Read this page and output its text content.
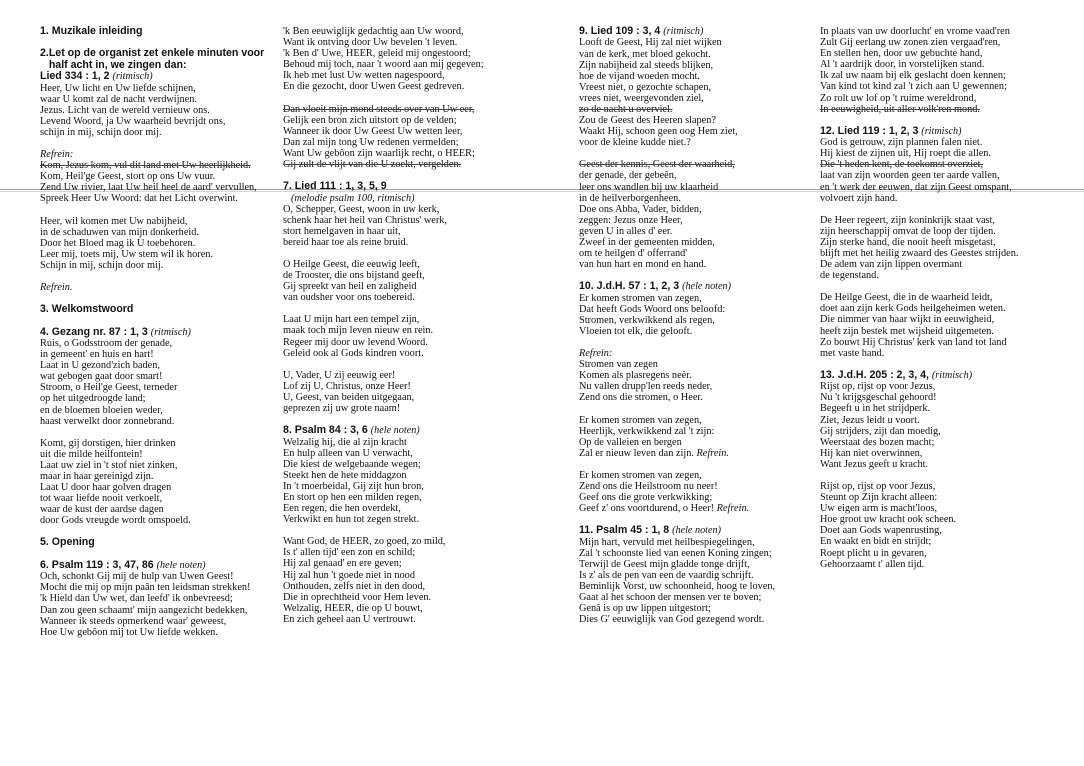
1. Muzikale inleiding
2.Let op de organist zet enkele minuten voor
half acht in, we zingen dan:
Lied 334 : 1, 2 (ritmisch)
Heer, Uw licht en Uw liefde schijnen,
waar U komt zal de nacht verdwijnen.
Jezus. Licht van de wereld vernieuw ons.
Levend Woord, ja Uw waarheid bevrijdt ons,
schijn in mij, schijn door mij.
Refrein:
Kom, Jezus kom, vul dit land met Uw heerlijkheid.
Kom, Heil'ge Geest, stort op ons Uw vuur.
Zend Uw rivier, laat Uw heil heel de aard' vervullen,
Spreek Heer Uw Woord: dat het Licht overwint.
Heer, wil komen met Uw nabijheid,
in de schaduwen van mijn donkerheid.
Door het Bloed mag ik U toebehoren.
Leer mij, toets mij, Uw stem wil ik horen.
Schijn in mij, schijn door mij.
Refrein.
3. Welkomstwoord
4. Gezang nr. 87 : 1, 3 (ritmisch)
Ruis, o Godsstroom der genade,
in gemeent' en huis en hart!
Laat in U gezond'zich baden,
wat gebogen gaat door smart!
Stroom, o Heil'ge Geest, terneder
op het uitgedroogde land;
en de bloemen bloeien weder,
haast verwelkt door zonnebrand.
Komt, gij dorstigen, hier drinken
uit die milde heilfontein!
Laat uw ziel in 't stof niet zinken,
maar in haar gereinigd zijn.
Laat U door haar golven dragen
tot waar liefde nooit verkoelt,
waar de kust der aardse dagen
door Gods vreugde wordt omspoeld.
5. Opening
6. Psalm 119 : 3, 47, 86 (hele noten)
Och, schonkt Gij mij de hulp van Uwen Geest!
Mocht die mij op mijn paân ten leidsman strekken!
'k Hield dan Uw wet, dan leefd' ik onbevreesd;
Dan zou geen schaamt' mijn aangezicht bedekken,
Wanneer ik steeds opmerkend waar' geweest,
Hoe Uw gebôon mij tot Uw liefde wekken.
'k Ben eeuwiglijk gedachtig aan Uw woord,
Want ik ontving door Uw bevelen 't leven.
'k Ben d' Uwe, HEER, geleid mij ongestoord;
Behoud mij toch, naar 't woord aan mij gegeven;
Ik heb met lust Uw wetten nagespoord,
En die gezocht, door Uwen Geest gedreven.
Dan vloeit mijn mond steeds over van Uw eer,
Gelijk een bron zich uitstort op de velden;
Wanneer ik door Uw Geest Uw wetten leer,
Dan zal mijn tong Uw redenen vermelden;
Want Uw gebôon zijn waarlijk recht, o HEER;
Gij zult de vlijt van die U zoekt, vergelden.
7. Lied 111 : 1, 3, 5, 9
(melodie psalm 100, ritmisch)
O, Schepper, Geest, woon in uw kerk,
schenk haar het heil van Christus' werk,
stort hemelgaven in haar uit,
bereid haar toe als reine bruid.
O Heilge Geest, die eeuwig leeft,
de Trooster, die ons bijstand geeft,
Gij spreekt van heil en zaligheid
van oudsher voor ons toebereid.
Laat U mijn hart een tempel zijn,
maak toch mijn leven nieuw en rein.
Regeer mij door uw levend Woord.
Geleid ook al Gods kindren voort.
U, Vader, U zij eeuwig eer!
Lof zij U, Christus, onze Heer!
U, Geest, van beiden uitgegaan,
geprezen zij uw grote naam!
8. Psalm 84 : 3, 6 (hele noten)
Welzalig hij, die al zijn kracht
En hulp alleen van U verwacht,
Die kiest de welgebaande wegen;
Steekt hen de hete middagzon
In 't moerbeidal, Gij zijt hun bron,
En stort op hen een milden regen,
Een regen, die hen overdekt,
Verkwikt en hun tot zegen strekt.
Want God, de HEER, zo goed, zo mild,
Is t' allen tijd' een zon en schild;
Hij zal genaad' en ere geven;
Hij zal hun 't goede niet in nood
Onthouden, zelfs niet in den dood,
Die in oprechtheid voor Hem leven.
Welzalig, HEER, die op U bouwt,
En zich geheel aan U vertrouwt.
9. Lied 109 : 3, 4 (ritmisch)
Looft de Geest, Hij zal niet wijken
van de kerk, met bloed gekocht.
Zijn nabijheid zal steeds blijken,
hoe de vijand woeden mocht.
Vreest niet, o gezochte schapen,
vrees niet, weergevonden ziel,
zo de nacht u overviel.
Zou de Geest des Heeren slapen?
Waakt Hij, schoon geen oog Hem ziet,
voor de kleine kudde niet.?
Geest der kennis, Geest der waarheid,
der genade, der gebeên,
leer ons wandlen bij uw klaarheid
in de heilverborgenheen.
Doe ons Abba, Vader, bidden,
zeggen: Jezus onze Heer,
geven U in alles d' eer.
Zweef in der gemeenten midden,
om te heilgen d' offerrand'
van hun hart en mond en hand.
10. J.d.H. 57 : 1, 2, 3 (hele noten)
Er komen stromen van zegen,
Dat heeft Gods Woord ons beloofd:
Stromen, verkwikkend als regen,
Vloeien tot elk, die gelooft.
Refrein:
Stromen van zegen
Komen als plasregens neêr.
Nu vallen drupp'len reeds neder,
Zend ons die stromen, o Heer.
Er komen stromen van zegen,
Heerlijk, verkwikkend zal 't zijn:
Op de valleien en bergen
Zal er nieuw leven dan zijn. Refrein.
Er komen stromen van zegen,
Zend ons die Heilstroom nu neer!
Geef ons die grote verkwikking;
Geef z' ons voortdurend, o Heer! Refrein.
11. Psalm 45 : 1, 8 (hele noten)
Mijn hart, vervuld met heilbespiegelingen,
Zal 't schoonste lied van eenen Koning zingen;
Terwijl de Geest mijn gladde tonge drijft,
Is z' als de pen van een de vaardig schrijft.
Beminlijk Vorst, uw schoonheid, hoog te loven,
Gaat al het schoon der mensen ver te boven;
Genâ is op uw lippen uitgestort;
Dies G' eeuwiglijk van God gezegend wordt.
In plaats van uw doorlucht' en vrome vaad'ren
Zult Gij eerlang uw zonen zien vergaad'ren,
En stellen hen, door uw gebuchte hand,
Al 't aardrijk door, in vorstelijken stand.
Ik zal uw naam bij elk geslacht doen kennen;
Van kind tot kind zal 't zich aan U gewennen;
Zo rolt uw lof op 't ruime wereldrond,
In eeuwigheid, uit aller volk'ren mond.
12. Lied 119 : 1, 2, 3 (ritmisch)
God is getrouw, zijn plannen falen niet.
Hij kiest de zijnen uit, Hij roept die allen.
Die 't heden kent, de toekomst overziet,
laat van zijn woorden geen ter aarde vallen,
en 't werk der eeuwen, dat zijn Geest omspant,
volvoert zijn hand.
De Heer regeert, zijn koninkrijk staat vast,
zijn heerschappij omvat de loop der tijden.
Zijn sterke hand, die nooit heeft misgetast,
blijft met het heilig zwaard des Geestes strijden.
De adem van zijn lippen overmant
de tegenstand.
De Heilge Geest, die in de waarheid leidt,
doet aan zijn kerk Gods heilgeheimen weten.
Die nimmer van haar wijkt in eeuwigheid,
heeft zijn bestek met wijsheid uitgemeten.
Zo bouwt Hij Christus' kerk van land tot land
met vaste hand.
13. J.d.H. 205 : 2, 3, 4, (ritmisch)
Rijst op, rijst op voor Jezus,
Nu 't krijgsgeschal gehoord!
Begeeft u in het strijdperk.
Ziet, Jezus leidt u voort.
Gij strijders, zijt dan moedig,
Weerstaat des bozen macht;
Hij kan niet overwinnen,
Want Jezus geeft u kracht.
Rijst op, rijst op voor Jezus,
Steunt op Zijn kracht alleen:
Uw eigen arm is macht'loos,
Hoe groot uw kracht ook scheen.
Doet aan Gods wapenrusting,
En waakt en bidt en strijdt;
Roept plicht u in gevaren,
Gehoorzaamt t' allen tijd.
